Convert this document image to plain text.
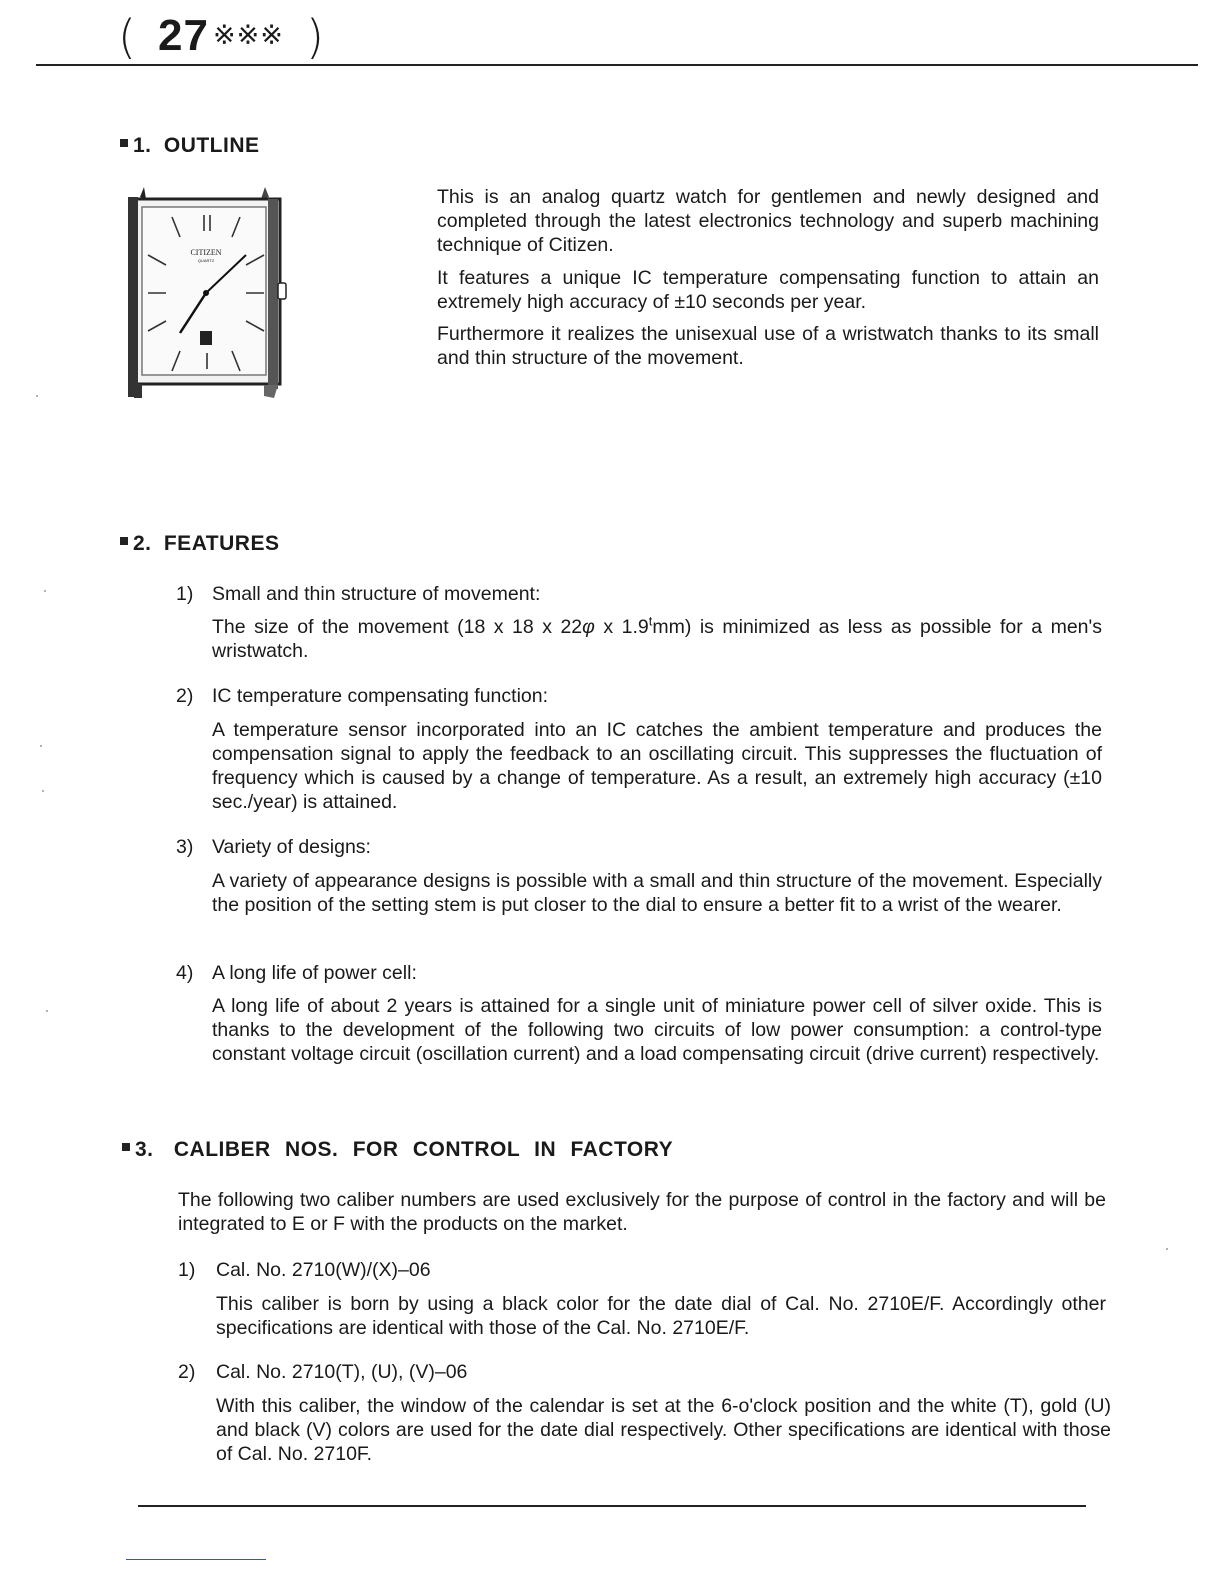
( 27 ※※※ )
1. OUTLINE
CITIZEN
QUARTZ
This is an analog quartz watch for gentlemen and newly designed and completed through the latest electronics technology and superb machining technique of Citizen.
It features a unique IC temperature compensating function to attain an extremely high accuracy of ±10 seconds per year.
Furthermore it realizes the unisexual use of a wristwatch thanks to its small and thin structure of the movement.
2. FEATURES
1) Small and thin structure of movement:
The size of the movement (18 x 18 x 22φ x 1.9$^t$mm) is minimized as less as possible for a men's wristwatch.
2) IC temperature compensating function:
A temperature sensor incorporated into an IC catches the ambient temperature and produces the compensation signal to apply the feedback to an oscillating circuit. This suppresses the fluctuation of frequency which is caused by a change of temperature. As a result, an extremely high accuracy (±10 sec./year) is attained.
3) Variety of designs:
A variety of appearance designs is possible with a small and thin structure of the movement. Especially the position of the setting stem is put closer to the dial to ensure a better fit to a wrist of the wearer.
4) A long life of power cell:
A long life of about 2 years is attained for a single unit of miniature power cell of silver oxide. This is thanks to the development of the following two circuits of low power consumption: a control-type constant voltage circuit (oscillation current) and a load compensating circuit (drive current) respectively.
3. CALIBER NOS. FOR CONTROL IN FACTORY
The following two caliber numbers are used exclusively for the purpose of control in the factory and will be integrated to E or F with the products on the market.
1) Cal. No. 2710(W)/(X)–06
This caliber is born by using a black color for the date dial of Cal. No. 2710E/F. Accordingly other specifications are identical with those of the Cal. No. 2710E/F.
2) Cal. No. 2710(T), (U), (V)–06
With this caliber, the window of the calendar is set at the 6-o'clock position and the white (T), gold (U) and black (V) colors are used for the date dial respectively. Other specifications are identical with those of Cal. No. 2710F.
